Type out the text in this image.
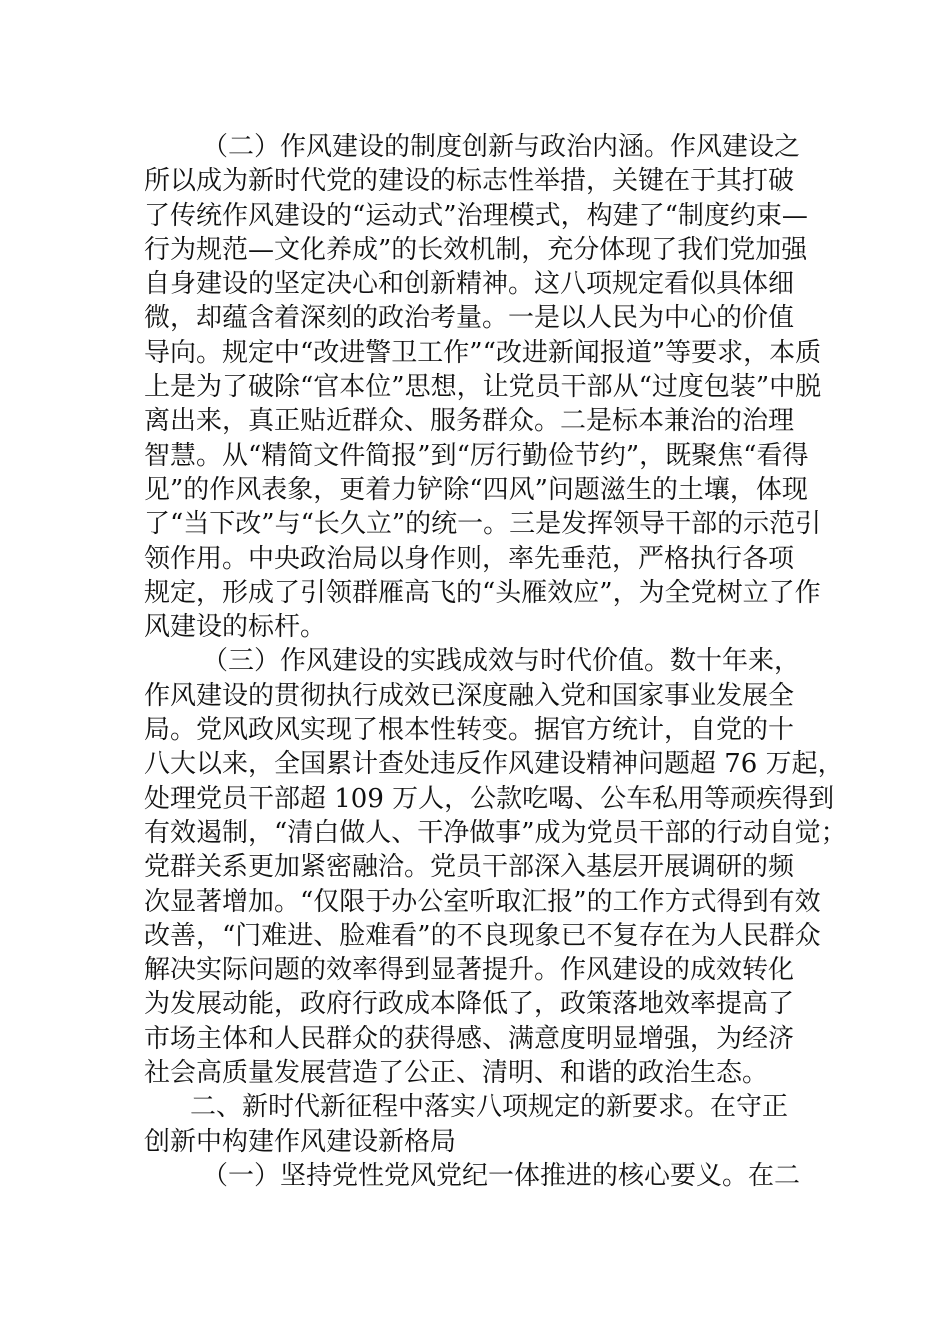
（二）作风建设的制度创新与政治内涵。作风建设之
所以成为新时代党的建设的标志性举措，关键在于其打破
了传统作风建设的“运动式”治理模式，构建了“制度约束—
行为规范—文化养成”的长效机制，充分体现了我们党加强
自身建设的坚定决心和创新精神。这八项规定看似具体细
微，却蕴含着深刻的政治考量。一是以人民为中心的价值
导向。规定中“改进警卫工作”“改进新闻报道”等要求，本质
上是为了破除“官本位”思想，让党员干部从“过度包装”中脱
离出来，真正贴近群众、服务群众。二是标本兼治的治理
智慧。从“精简文件简报”到“厉行勤俭节约”，既聚焦“看得
见”的作风表象，更着力铲除“四风”问题滋生的土壤，体现
了“当下改”与“长久立”的统一。三是发挥领导干部的示范引
领作用。中央政治局以身作则，率先垂范，严格执行各项
规定，形成了引领群雁高飞的“头雁效应”，为全党树立了作
风建设的标杆。
（三）作风建设的实践成效与时代价值。数十年来，
作风建设的贯彻执行成效已深度融入党和国家事业发展全
局。党风政风实现了根本性转变。据官方统计，自党的十
八大以来，全国累计查处违反作风建设精神问题超 76 万起，
处理党员干部超 109 万人，公款吃喝、公车私用等顽疾得到
有效遏制，“清白做人、干净做事”成为党员干部的行动自觉；
党群关系更加紧密融洽。党员干部深入基层开展调研的频
次显著增加。“仅限于办公室听取汇报”的工作方式得到有效
改善，“门难进、脸难看”的不良现象已不复存在为人民群众
解决实际问题的效率得到显著提升。作风建设的成效转化
为发展动能，政府行政成本降低了，政策落地效率提高了
市场主体和人民群众的获得感、满意度明显增强，为经济
社会高质量发展营造了公正、清明、和谐的政治生态。
二、新时代新征程中落实八项规定的新要求。在守正
创新中构建作风建设新格局
（一）坚持党性党风党纪一体推进的核心要义。在二
